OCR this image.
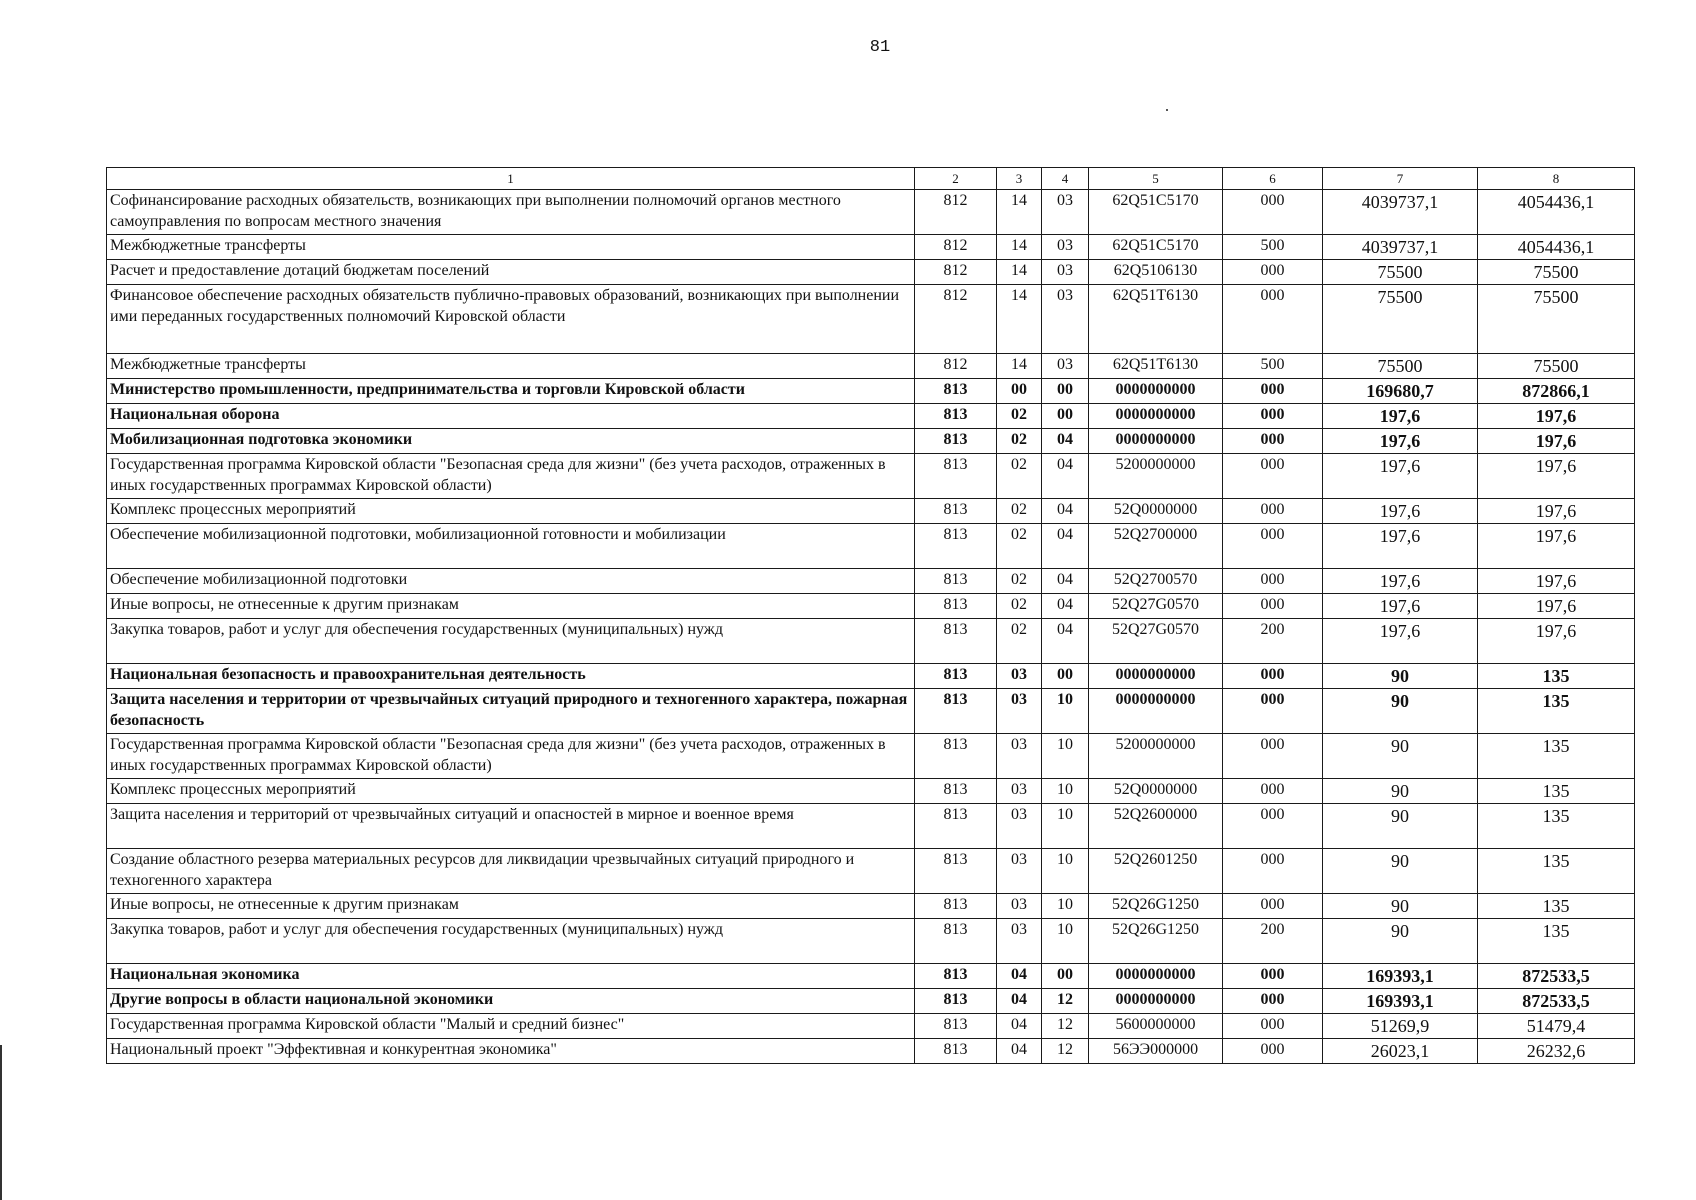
81
1	2	3	4	5	6	7	8
Софинансирование расходных обязательств, возникающих при выполнении полномочий органов местного самоуправления по вопросам местного значения	812	14	03	62Q51C5170	000	4039737,1	4054436,1
Межбюджетные трансферты	812	14	03	62Q51C5170	500	4039737,1	4054436,1
Расчет и предоставление дотаций бюджетам поселений	812	14	03	62Q5106130	000	75500	75500
Финансовое обеспечение расходных обязательств публично-правовых образований, возникающих при выполнении ими переданных государственных полномочий Кировской области	812	14	03	62Q51T6130	000	75500	75500
Межбюджетные трансферты	812	14	03	62Q51T6130	500	75500	75500
Министерство промышленности, предпринимательства и торговли Кировской области	813	00	00	0000000000	000	169680,7	872866,1
Национальная оборона	813	02	00	0000000000	000	197,6	197,6
Мобилизационная подготовка экономики	813	02	04	0000000000	000	197,6	197,6
Государственная программа Кировской области "Безопасная среда для жизни" (без учета расходов, отраженных в иных государственных программах Кировской области)	813	02	04	5200000000	000	197,6	197,6
Комплекс процессных мероприятий	813	02	04	52Q0000000	000	197,6	197,6
Обеспечение мобилизационной подготовки, мобилизационной готовности и мобилизации	813	02	04	52Q2700000	000	197,6	197,6
Обеспечение мобилизационной подготовки	813	02	04	52Q2700570	000	197,6	197,6
Иные вопросы, не отнесенные к другим признакам	813	02	04	52Q27G0570	000	197,6	197,6
Закупка товаров, работ и услуг для обеспечения государственных (муниципальных) нужд	813	02	04	52Q27G0570	200	197,6	197,6
Национальная безопасность и правоохранительная деятельность	813	03	00	0000000000	000	90	135
Защита населения и территории от чрезвычайных ситуаций природного и техногенного характера, пожарная безопасность	813	03	10	0000000000	000	90	135
Государственная программа Кировской области "Безопасная среда для жизни" (без учета расходов, отраженных в иных государственных программах Кировской области)	813	03	10	5200000000	000	90	135
Комплекс процессных мероприятий	813	03	10	52Q0000000	000	90	135
Защита населения и территорий от чрезвычайных ситуаций и опасностей в мирное и военное время	813	03	10	52Q2600000	000	90	135
Создание областного резерва материальных ресурсов для ликвидации чрезвычайных ситуаций природного и техногенного характера	813	03	10	52Q2601250	000	90	135
Иные вопросы, не отнесенные к другим признакам	813	03	10	52Q26G1250	000	90	135
Закупка товаров, работ и услуг для обеспечения государственных (муниципальных) нужд	813	03	10	52Q26G1250	200	90	135
Национальная экономика	813	04	00	0000000000	000	169393,1	872533,5
Другие вопросы в области национальной экономики	813	04	12	0000000000	000	169393,1	872533,5
Государственная программа Кировской области "Малый и средний бизнес"	813	04	12	5600000000	000	51269,9	51479,4
Национальный проект "Эффективная и конкурентная экономика"	813	04	12	56ЭЭ000000	000	26023,1	26232,6
